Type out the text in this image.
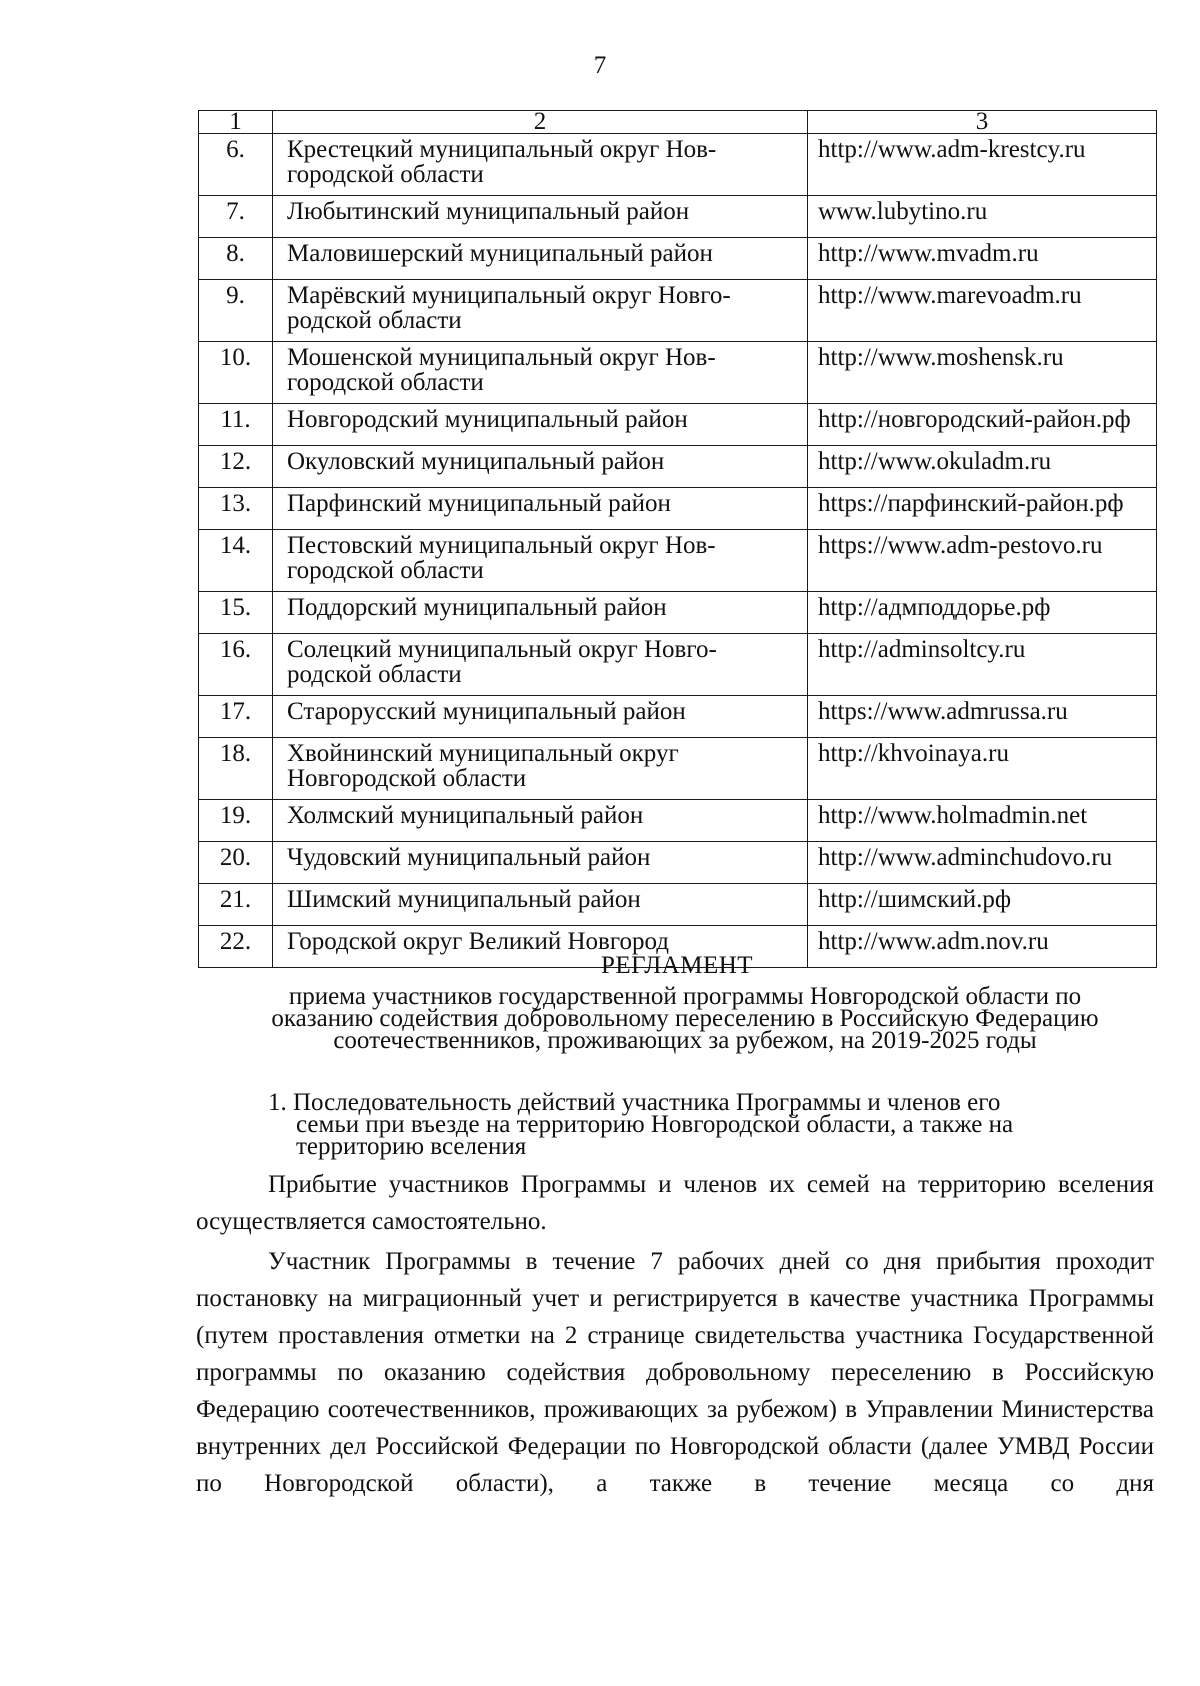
7
1	2	3
6.	Крестецкий муниципальный округ Нов-городской области	http://www.adm-krestcy.ru
7.	Любытинский муниципальный район	www.lubytino.ru
8.	Маловишерский муниципальный район	http://www.mvadm.ru
9.	Марёвский муниципальный округ Новго-родской области	http://www.marevoadm.ru
10.	Мошенской муниципальный округ Нов-городской области	http://www.moshensk.ru
11.	Новгородский муниципальный район	http://новгородский-район.рф
12.	Окуловский муниципальный район	http://www.okuladm.ru
13.	Парфинский муниципальный район	https://парфинский-район.рф
14.	Пестовский муниципальный округ Нов-городской области	https://www.adm-pestovo.ru
15.	Поддорский муниципальный район	http://адмподдорье.рф
16.	Солецкий муниципальный округ Новго-родской области	http://adminsoltcy.ru
17.	Старорусский муниципальный район	https://www.admrussa.ru
18.	Хвойнинский муниципальный округ Новгородской области	http://khvoinaya.ru
19.	Холмский муниципальный район	http://www.holmadmin.net
20.	Чудовский муниципальный район	http://www.adminchudovo.ru
21.	Шимский муниципальный район	http://шимский.рф
22.	Городской округ Великий Новгород	http://www.adm.nov.ru
РЕГЛАМЕНТ
приема участников государственной программы Новгородской области по
оказанию содействия добровольному переселению в Российскую Федерацию
соотечественников, проживающих за рубежом, на 2019-2025 годы
1. Последовательность действий участника Программы и членов его
семьи при въезде на территорию Новгородской области, а также на
территорию вселения
Прибытие участников Программы и членов их семей на территорию вселения осуществляется самостоятельно.
Участник Программы в течение 7 рабочих дней со дня прибытия проходит постановку на миграционный учет и регистрируется в качестве участника Программы (путем проставления отметки на 2 странице свидетельства участника Государственной программы по оказанию содействия добровольному переселению в Российскую Федерацию соотечественников, проживающих за рубежом) в Управлении Министерства внутренних дел Российской Федерации по Новгородской области (далее УМВД России по Новгородской области), а также в течение месяца со дня
